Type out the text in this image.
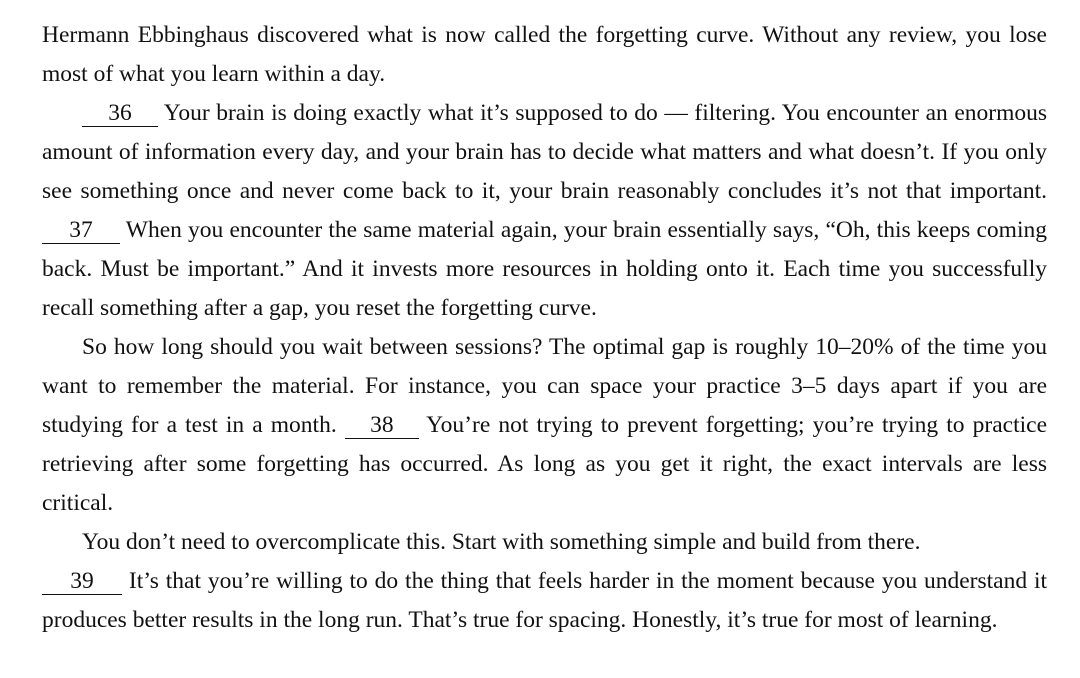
Hermann Ebbinghaus discovered what is now called the forgetting curve. Without any review, you lose most of what you learn within a day.

36 Your brain is doing exactly what it’s supposed to do — filtering. You encounter an enormous amount of information every day, and your brain has to decide what matters and what doesn’t. If you only see something once and never come back to it, your brain reasonably concludes it’s not that important. 37 When you encounter the same material again, your brain essentially says, “Oh, this keeps coming back. Must be important.” And it invests more resources in holding onto it. Each time you successfully recall something after a gap, you reset the forgetting curve.

So how long should you wait between sessions? The optimal gap is roughly 10–20% of the time you want to remember the material. For instance, you can space your practice 3–5 days apart if you are studying for a test in a month. 38 You’re not trying to prevent forgetting; you’re trying to practice retrieving after some forgetting has occurred. As long as you get it right, the exact intervals are less critical.

You don’t need to overcomplicate this. Start with something simple and build from there.

39 It’s that you’re willing to do the thing that feels harder in the moment because you understand it produces better results in the long run. That’s true for spacing. Honestly, it’s true for most of learning.
